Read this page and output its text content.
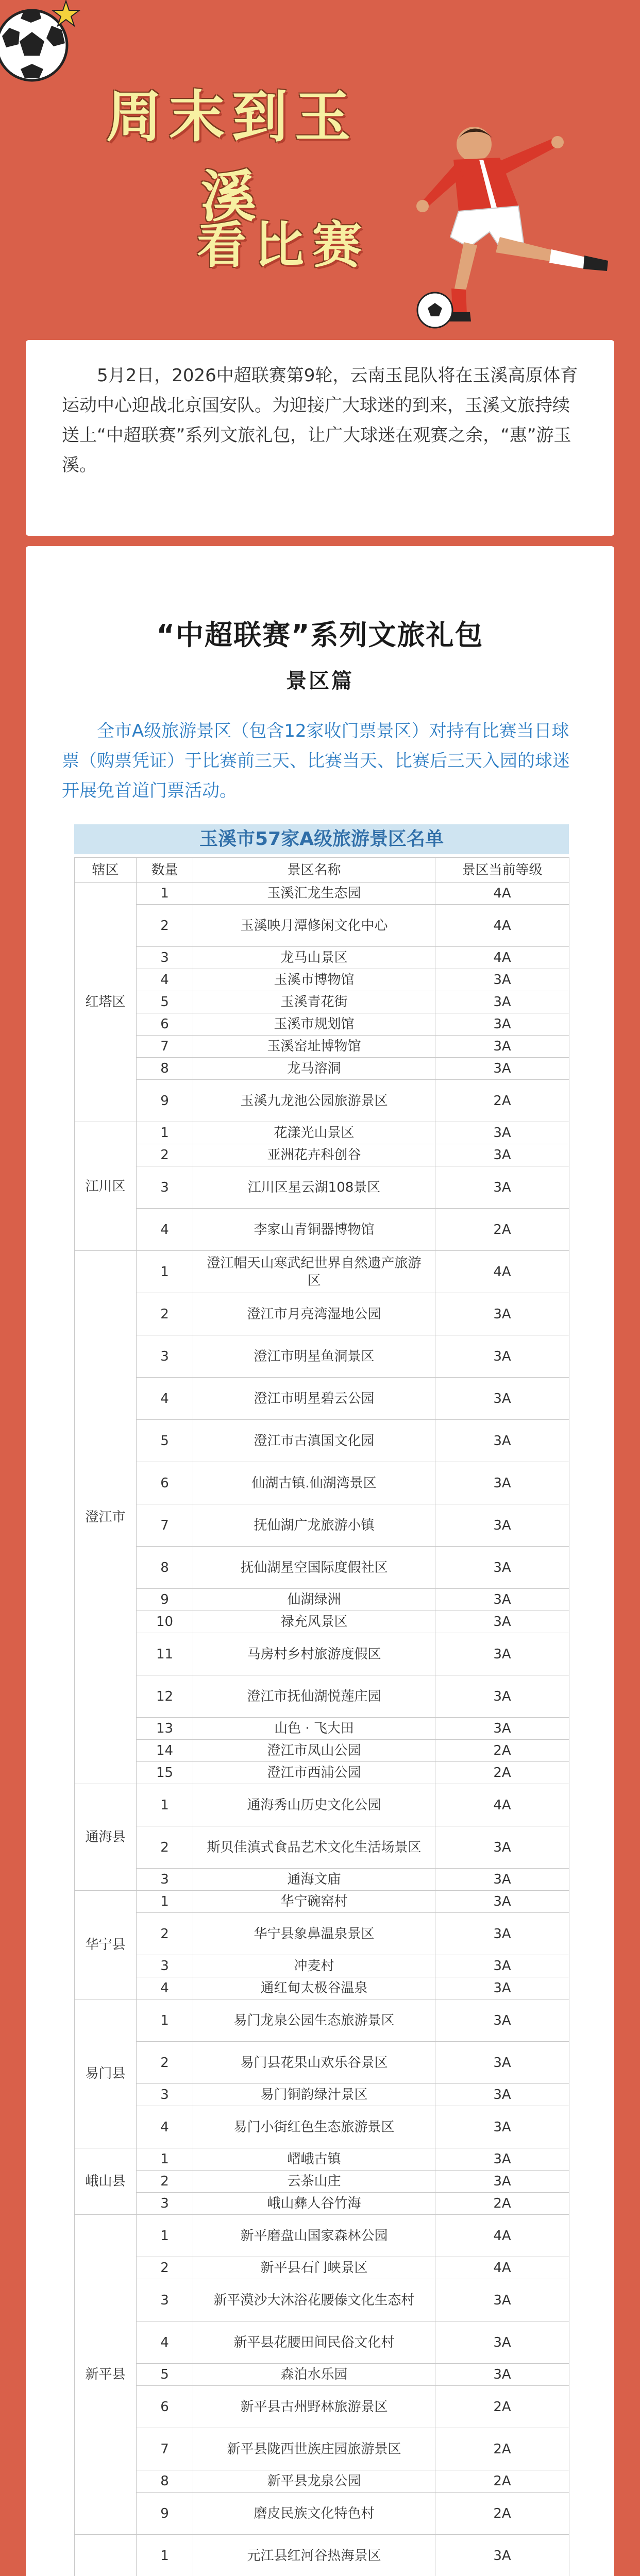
周末到玉溪
看比赛

5月2日，2026中超联赛第9轮，云南玉昆队将在玉溪高原体育运动中心迎战北京国安队。为迎接广大球迷的到来，玉溪文旅持续送上“中超联赛”系列文旅礼包，让广大球迷在观赛之余，“惠”游玉溪。

“中超联赛”系列文旅礼包
景区篇

全市A级旅游景区（包含12家收门票景区）对持有比赛当日球票（购票凭证）于比赛前三天、比赛当天、比赛后三天入园的球迷开展免首道门票活动。

玉溪市57家A级旅游景区名单
辖区	数量	景区名称	景区当前等级
红塔区	1	玉溪汇龙生态园	4A
	2	玉溪映月潭修闲文化中心	4A
	3	龙马山景区	4A
	4	玉溪市博物馆	3A
	5	玉溪青花街	3A
	6	玉溪市规划馆	3A
	7	玉溪窑址博物馆	3A
	8	龙马溶洞	3A
	9	玉溪九龙池公园旅游景区	2A
江川区	1	花漾光山景区	3A
	2	亚洲花卉科创谷	3A
	3	江川区星云湖108景区	3A
	4	李家山青铜器博物馆	2A
澄江市	1	澄江帽天山寒武纪世界自然遗产旅游区	4A
	2	澄江市月亮湾湿地公园	3A
	3	澄江市明星鱼洞景区	3A
	4	澄江市明星碧云公园	3A
	5	澄江市古滇国文化园	3A
	6	仙湖古镇.仙湖湾景区	3A
	7	抚仙湖广龙旅游小镇	3A
	8	抚仙湖星空国际度假社区	3A
	9	仙湖绿洲	3A
	10	禄充风景区	3A
	11	马房村乡村旅游度假区	3A
	12	澄江市抚仙湖悦莲庄园	3A
	13	山色 · 飞大田	3A
	14	澄江市凤山公园	2A
	15	澄江市西浦公园	2A
通海县	1	通海秀山历史文化公园	4A
	2	斯贝佳滇式食品艺术文化生活场景区	3A
	3	通海文庙	3A
华宁县	1	华宁碗窑村	3A
	2	华宁县象鼻温泉景区	3A
	3	冲麦村	3A
	4	通红甸太极谷温泉	3A
易门县	1	易门龙泉公园生态旅游景区	3A
	2	易门县花果山欢乐谷景区	3A
	3	易门铜韵绿汁景区	3A
	4	易门小街红色生态旅游景区	3A
峨山县	1	嶍峨古镇	3A
	2	云茶山庄	3A
	3	峨山彝人谷竹海	2A
新平县	1	新平磨盘山国家森林公园	4A
	2	新平县石门峡景区	4A
	3	新平漠沙大沐浴花腰傣文化生态村	3A
	4	新平县花腰田间民俗文化村	3A
	5	森泊水乐园	3A
	6	新平县古州野林旅游景区	2A
	7	新平县陇西世族庄园旅游景区	2A
	8	新平县龙泉公园	2A
	9	磨皮民族文化特色村	2A
	1	元江县红河谷热海景区	3A
